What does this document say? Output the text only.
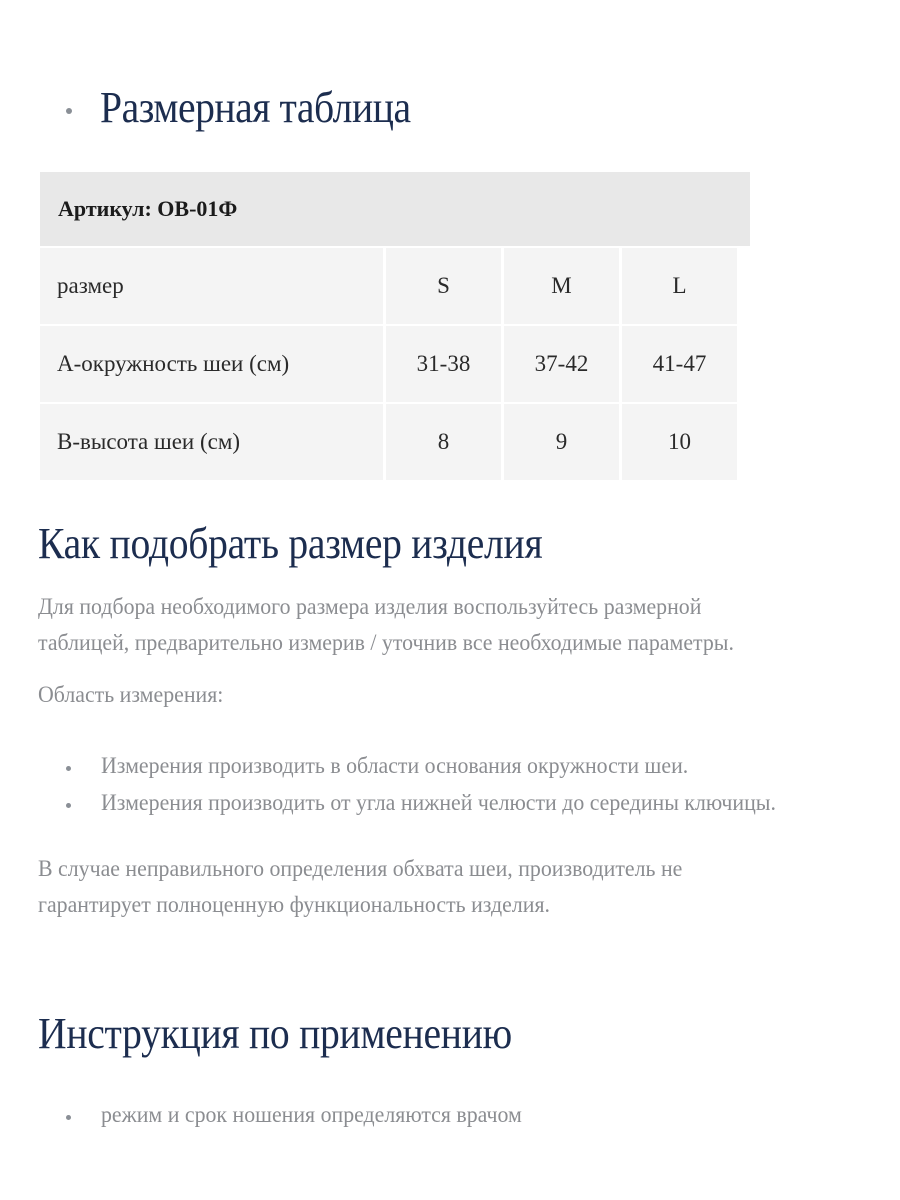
Размерная таблица
Артикул: ОВ-01Ф
размер	S	M	L
А-окружность шеи (см)	31-38	37-42	41-47
В-высота шеи (см)	8	9	10
Как подобрать размер изделия

Для подбора необходимого размера изделия воспользуйтесь размерной

таблицей, предварительно измерив / уточнив все необходимые параметры.

Область измерения:

Измерения производить в области основания окружности шеи.
Измерения производить от угла нижней челюсти до середины ключицы.

В случае неправильного определения обхвата шеи, производитель не

гарантирует полноценную функциональность изделия.

Инструкция по применению
режим и срок ношения определяются врачом
